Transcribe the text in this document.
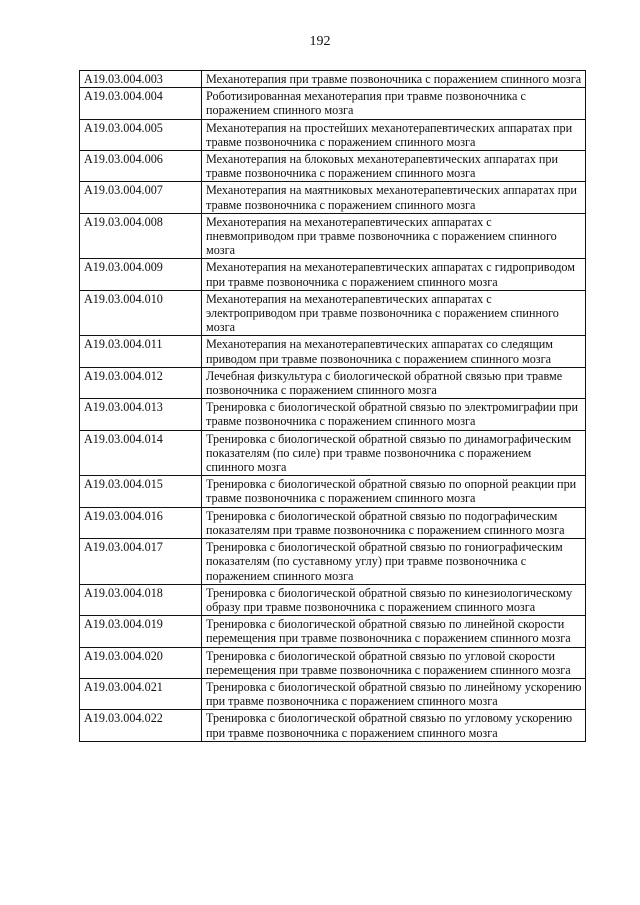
192
A19.03.004.003	Механотерапия при травме позвоночника с поражением спинного мозга
A19.03.004.004	Роботизированная механотерапия при травме позвоночника с поражением спинного мозга
A19.03.004.005	Механотерапия на простейших механотерапевтических аппаратах при травме позвоночника с поражением спинного мозга
A19.03.004.006	Механотерапия на блоковых механотерапевтических аппаратах при травме позвоночника с поражением спинного мозга
A19.03.004.007	Механотерапия на маятниковых механотерапевтических аппаратах при травме позвоночника с поражением спинного мозга
A19.03.004.008	Механотерапия на механотерапевтических аппаратах с пневмоприводом при травме позвоночника с поражением спинного мозга
A19.03.004.009	Механотерапия на механотерапевтических аппаратах с гидроприводом при травме позвоночника с поражением спинного мозга
A19.03.004.010	Механотерапия на механотерапевтических аппаратах с электроприводом при травме позвоночника с поражением спинного мозга
A19.03.004.011	Механотерапия на механотерапевтических аппаратах со следящим приводом при травме позвоночника с поражением спинного мозга
A19.03.004.012	Лечебная физкультура с биологической обратной связью при травме позвоночника с поражением спинного мозга
A19.03.004.013	Тренировка с биологической обратной связью по электромиграфии при травме позвоночника с поражением спинного мозга
A19.03.004.014	Тренировка с биологической обратной связью по динамографическим показателям (по силе) при травме позвоночника с поражением спинного мозга
A19.03.004.015	Тренировка с биологической обратной связью по опорной реакции при травме позвоночника с поражением спинного мозга
A19.03.004.016	Тренировка с биологической обратной связью по подографическим показателям при травме позвоночника с поражением спинного мозга
A19.03.004.017	Тренировка с биологической обратной связью по гониографическим показателям (по суставному углу) при травме позвоночника с поражением спинного мозга
A19.03.004.018	Тренировка с биологической обратной связью по кинезиологическому образу при травме позвоночника с поражением спинного мозга
A19.03.004.019	Тренировка с биологической обратной связью по линейной скорости перемещения при травме позвоночника с поражением спинного мозга
A19.03.004.020	Тренировка с биологической обратной связью по угловой скорости перемещения при травме позвоночника с поражением спинного мозга
A19.03.004.021	Тренировка с биологической обратной связью по линейному ускорению при травме позвоночника с поражением спинного мозга
A19.03.004.022	Тренировка с биологической обратной связью по угловому ускорению при травме позвоночника с поражением спинного мозга
